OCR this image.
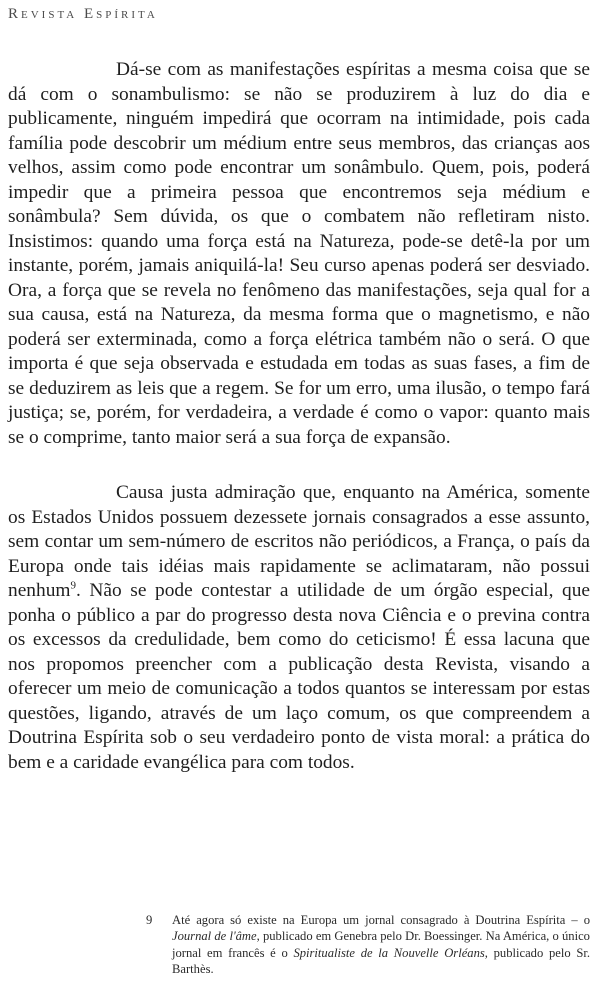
Revista Espírita

Dá-se com as manifestações espíritas a mesma coisa que se dá com o sonambulismo: se não se produzirem à luz do dia e publicamente, ninguém impedirá que ocorram na intimidade, pois cada família pode descobrir um médium entre seus membros, das crianças aos velhos, assim como pode encontrar um sonâmbulo. Quem, pois, poderá impedir que a primeira pessoa que encontremos seja médium e sonâmbula? Sem dúvida, os que o combatem não refletiram nisto. Insistimos: quando uma força está na Natureza, pode-se detê-la por um instante, porém, jamais aniquilá-la! Seu curso apenas poderá ser desviado. Ora, a força que se revela no fenômeno das manifestações, seja qual for a sua causa, está na Natureza, da mesma forma que o magnetismo, e não poderá ser exterminada, como a força elétrica também não o será. O que importa é que seja observada e estudada em todas as suas fases, a fim de se deduzirem as leis que a regem. Se for um erro, uma ilusão, o tempo fará justiça; se, porém, for verdadeira, a verdade é como o vapor: quanto mais se o comprime, tanto maior será a sua força de expansão.

Causa justa admiração que, enquanto na América, somente os Estados Unidos possuem dezessete jornais consagrados a esse assunto, sem contar um sem-número de escritos não periódicos, a França, o país da Europa onde tais idéias mais rapidamente se aclimataram, não possui nenhum$^9$. Não se pode contestar a utilidade de um órgão especial, que ponha o público a par do progresso desta nova Ciência e o previna contra os excessos da credulidade, bem como do ceticismo! É essa lacuna que nos propomos preencher com a publicação desta Revista, visando a oferecer um meio de comunicação a todos quantos se interessam por estas questões, ligando, através de um laço comum, os que compreendem a Doutrina Espírita sob o seu verdadeiro ponto de vista moral: a prática do bem e a caridade evangélica para com todos.

9	Até agora só existe na Europa um jornal consagrado à Doutrina Espírita – o Journal de l'âme, publicado em Genebra pelo Dr. Boessinger. Na América, o único jornal em francês é o Spiritualiste de la Nouvelle Orléans, publicado pelo Sr. Barthès.
